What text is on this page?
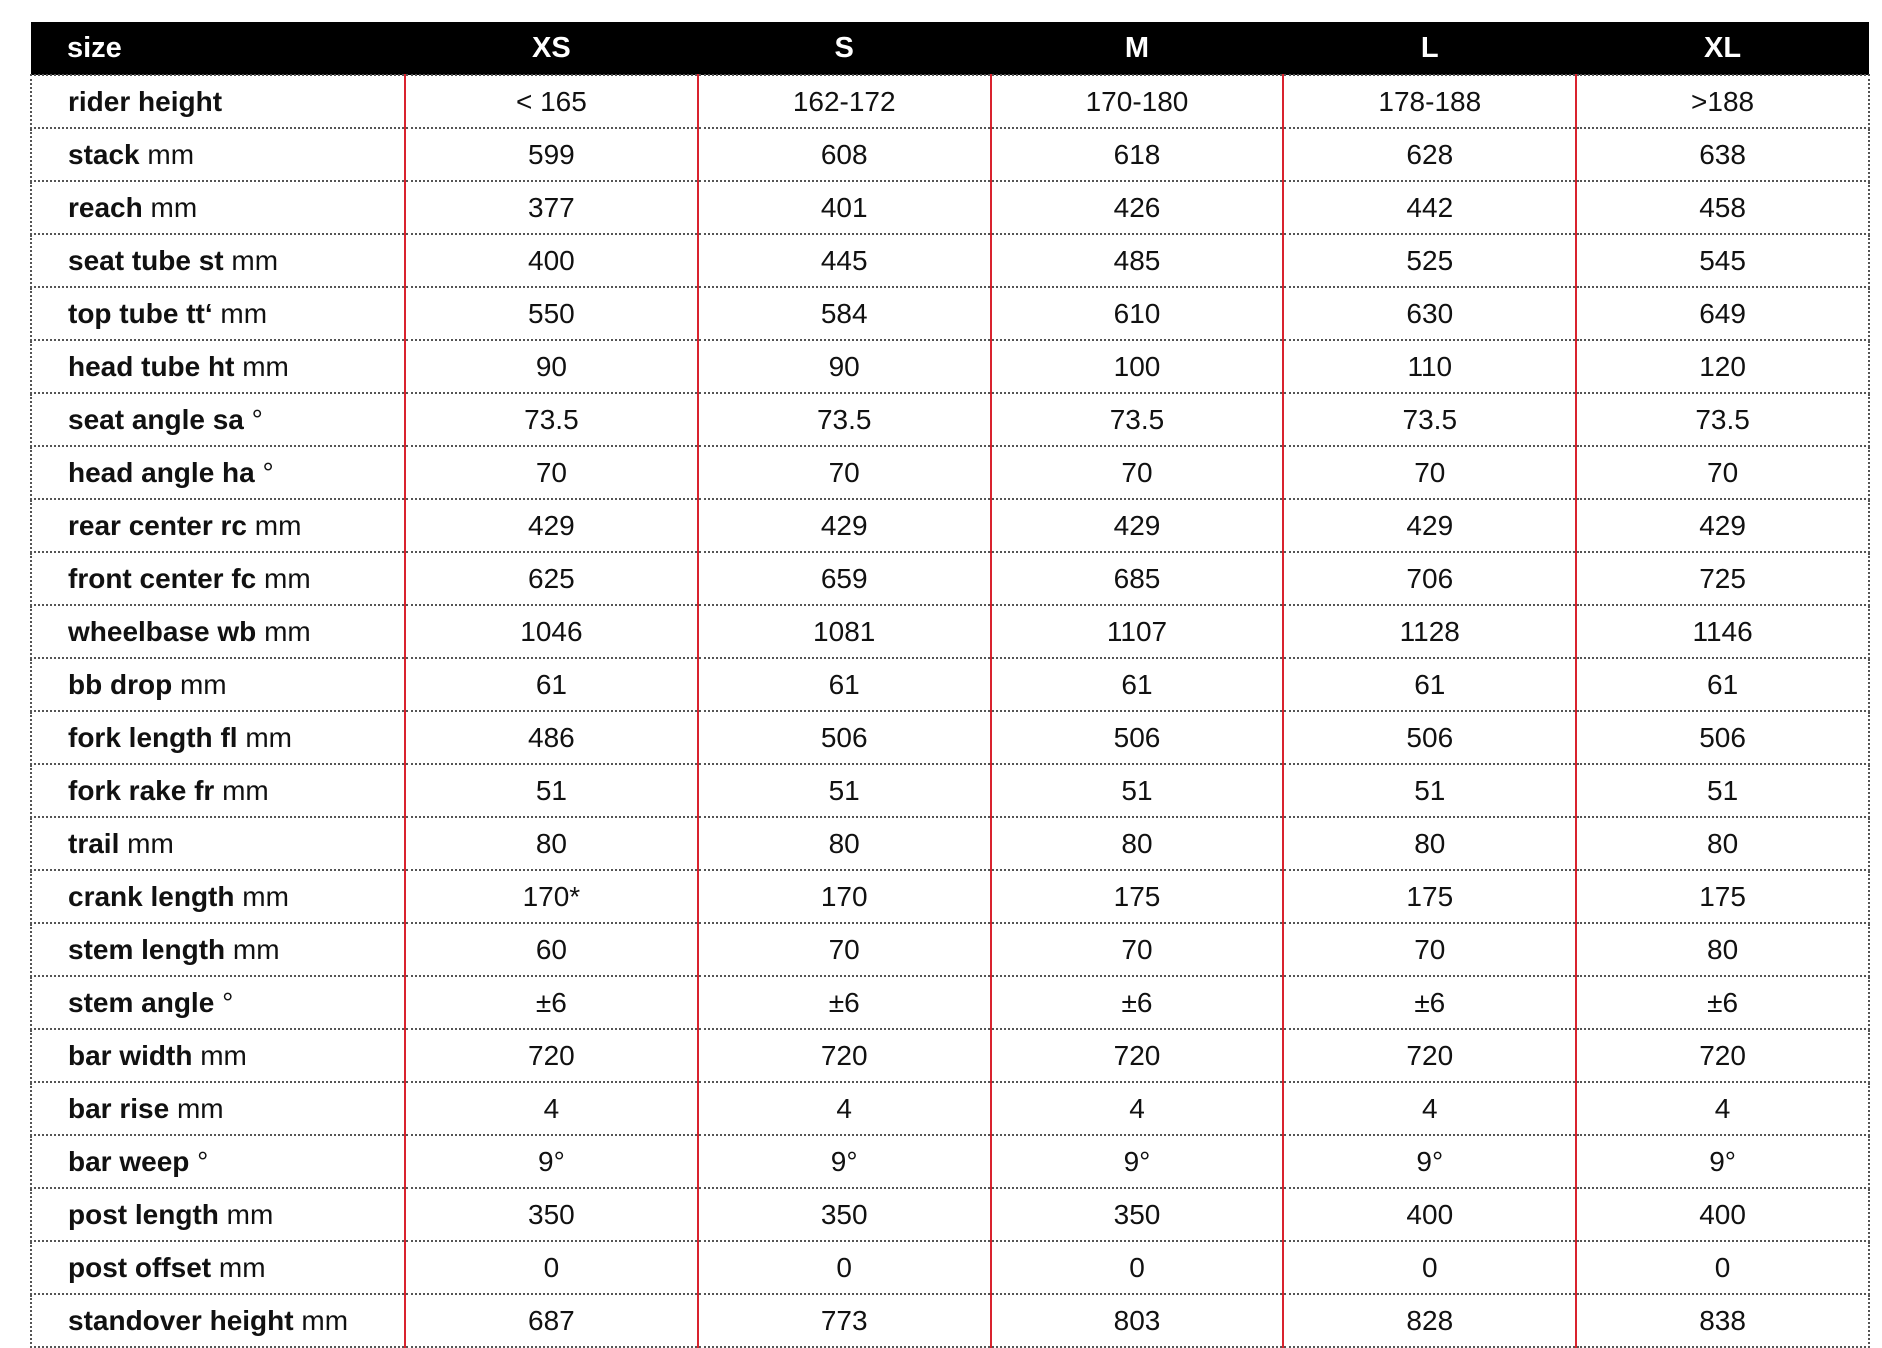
size	XS	S	M	L	XL
rider height	< 165	162-172	170-180	178-188	>188
stack mm	599	608	618	628	638
reach mm	377	401	426	442	458
seat tube st mm	400	445	485	525	545
top tube tt‘ mm	550	584	610	630	649
head tube ht mm	90	90	100	110	120
seat angle sa °	73.5	73.5	73.5	73.5	73.5
head angle ha °	70	70	70	70	70
rear center rc mm	429	429	429	429	429
front center fc mm	625	659	685	706	725
wheelbase wb mm	1046	1081	1107	1128	1146
bb drop mm	61	61	61	61	61
fork length fl mm	486	506	506	506	506
fork rake fr mm	51	51	51	51	51
trail mm	80	80	80	80	80
crank length mm	170*	170	175	175	175
stem length mm	60	70	70	70	80
stem angle °	±6	±6	±6	±6	±6
bar width mm	720	720	720	720	720
bar rise mm	4	4	4	4	4
bar weep °	9°	9°	9°	9°	9°
post length mm	350	350	350	400	400
post offset mm	0	0	0	0	0
standover height mm	687	773	803	828	838
